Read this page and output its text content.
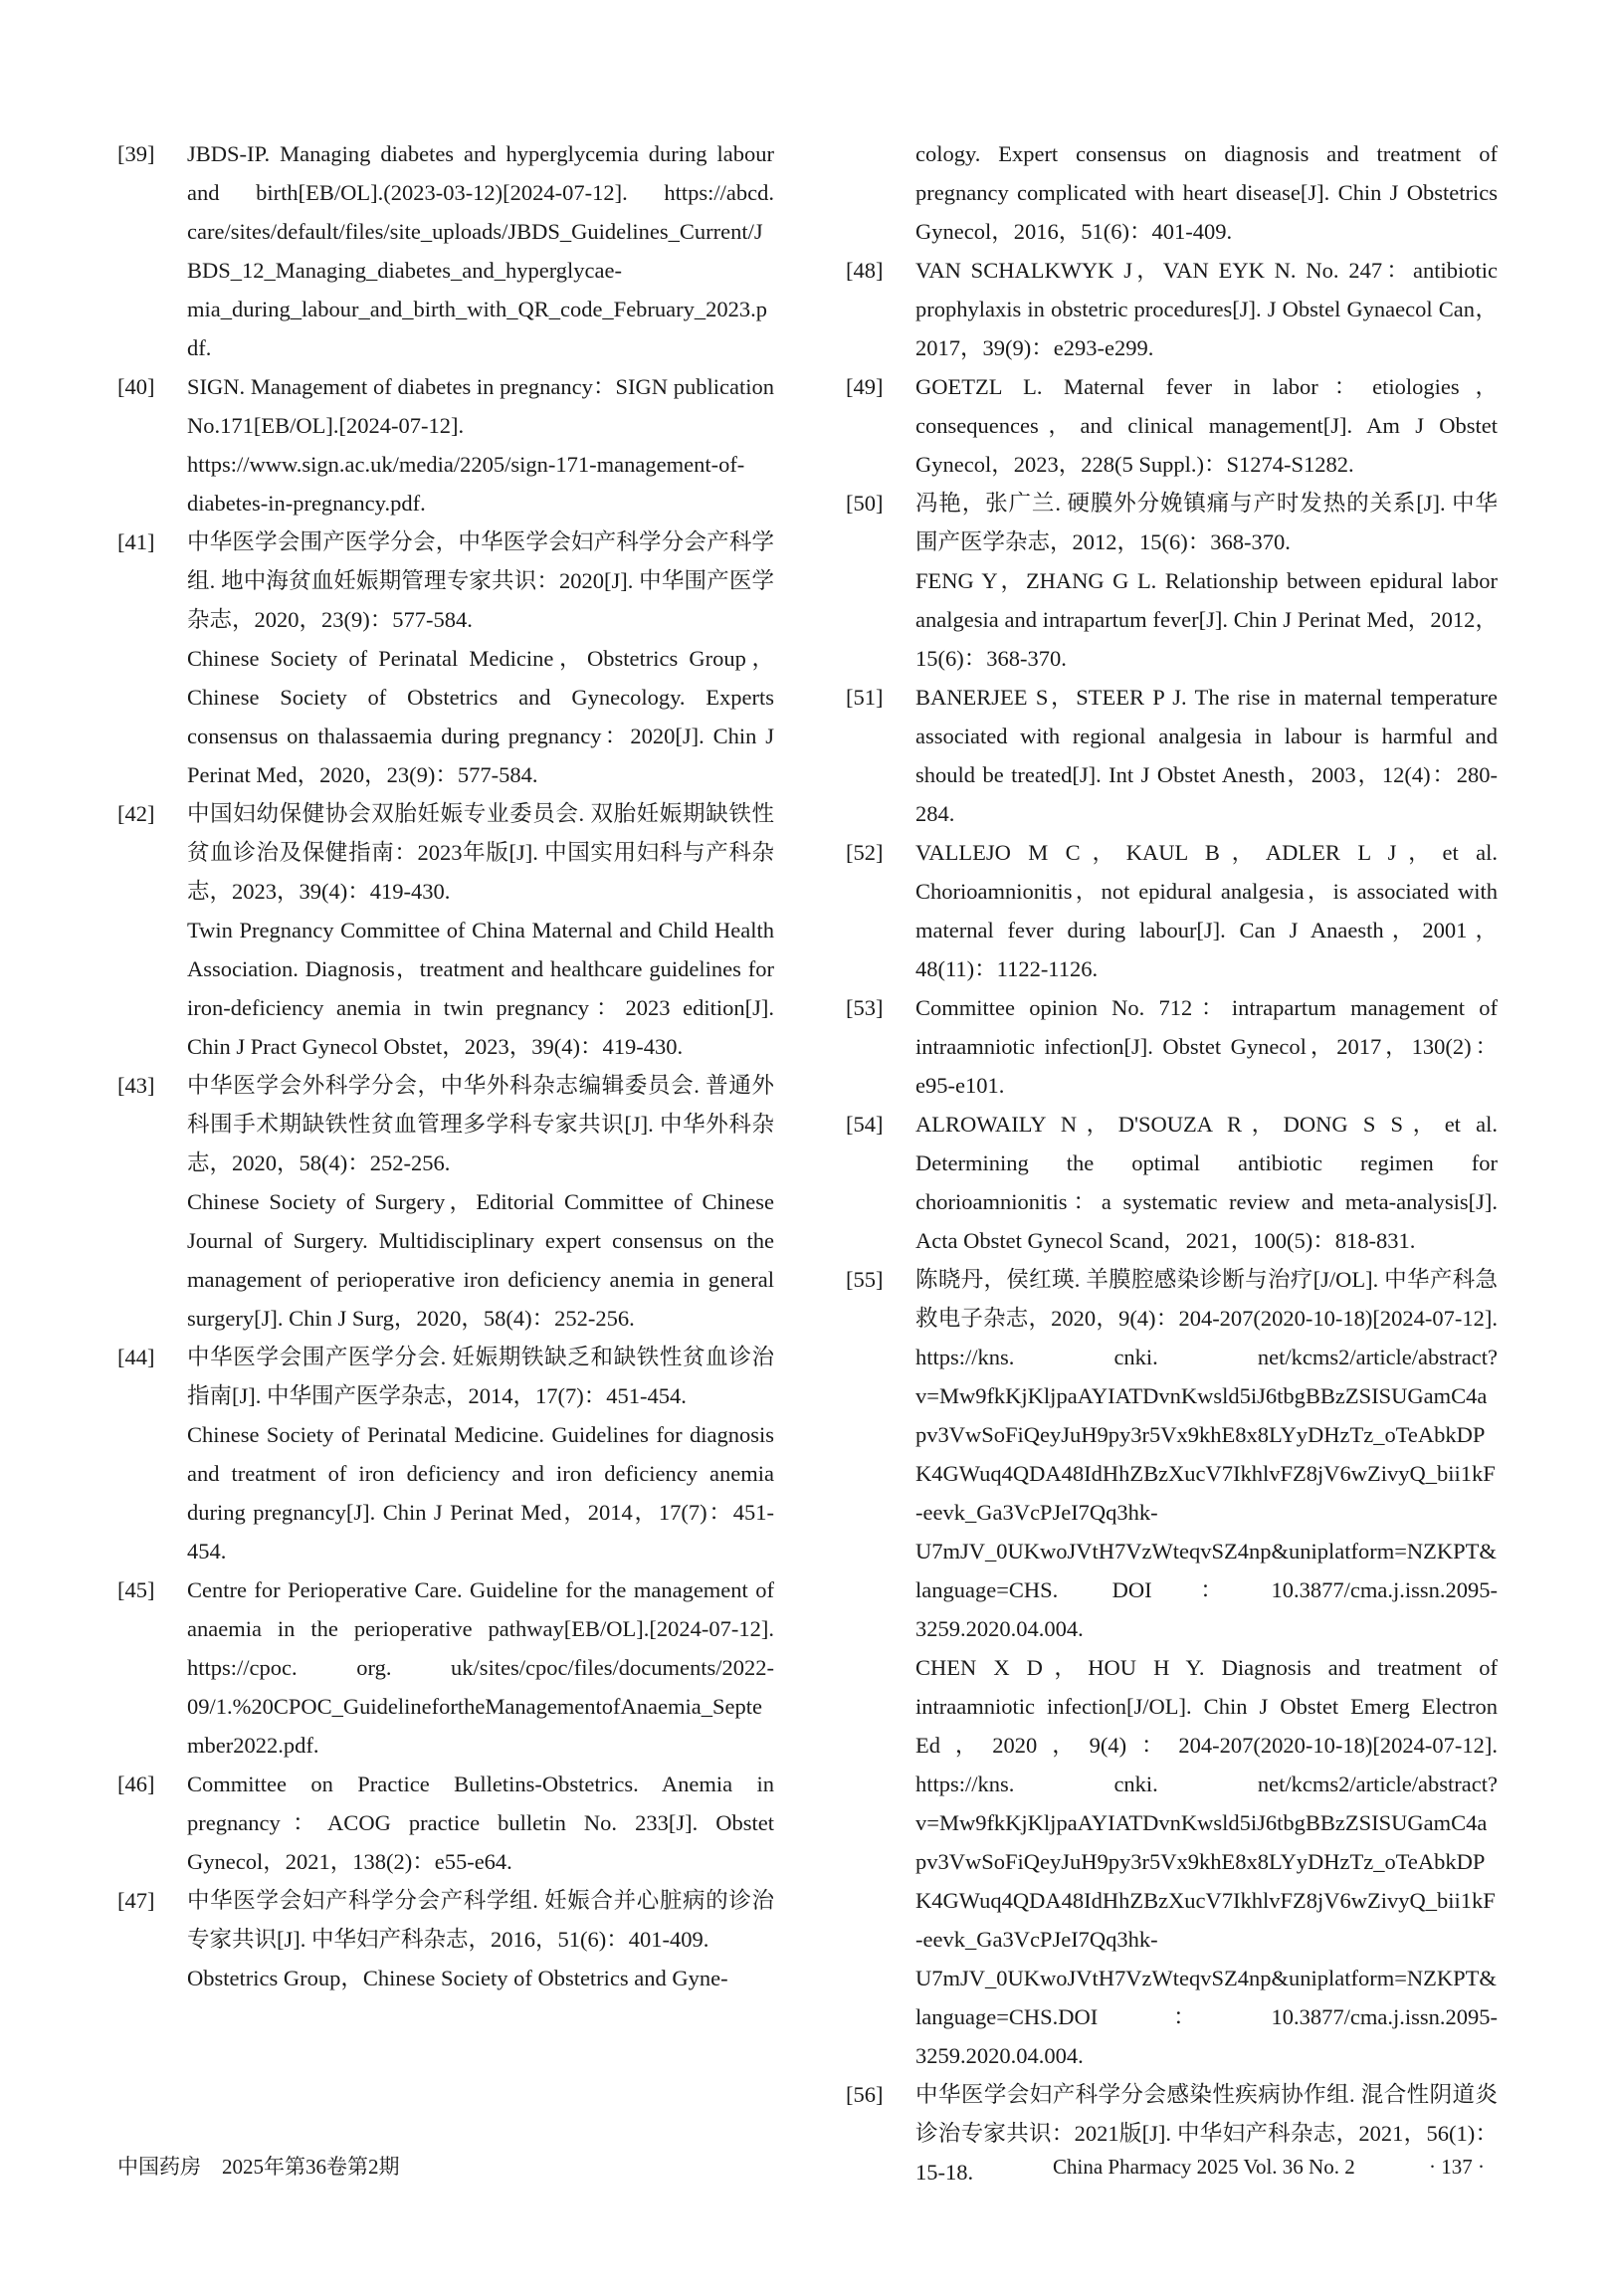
[39]	JBDS-IP. Managing diabetes and hyperglycemia during labour and birth[EB/OL].(2023-03-12)[2024-07-12]. https://abcd. care/sites/default/files/site_uploads/JBDS_Guidelines_Current/JBDS_12_Managing_diabetes_and_hyperglycae-mia_during_labour_and_birth_with_QR_code_February_2023.pdf.
[40]	SIGN. Management of diabetes in pregnancy：SIGN publication No.171[EB/OL].[2024-07-12]. https://www.sign.ac.uk/media/2205/sign-171-management-of-diabetes-in-pregnancy.pdf.
[41]	中华医学会围产医学分会，中华医学会妇产科学分会产科学组. 地中海贫血妊娠期管理专家共识：2020[J]. 中华围产医学杂志，2020，23(9)：577-584.
Chinese Society of Perinatal Medicine，Obstetrics Group，Chinese Society of Obstetrics and Gynecology. Experts consensus on thalassaemia during pregnancy：2020[J]. Chin J Perinat Med，2020，23(9)：577-584.
[42]	中国妇幼保健协会双胎妊娠专业委员会. 双胎妊娠期缺铁性贫血诊治及保健指南：2023年版[J]. 中国实用妇科与产科杂志，2023，39(4)：419-430.
Twin Pregnancy Committee of China Maternal and Child Health Association. Diagnosis，treatment and healthcare guidelines for iron-deficiency anemia in twin pregnancy：2023 edition[J]. Chin J Pract Gynecol Obstet，2023，39(4)：419-430.
[43]	中华医学会外科学分会，中华外科杂志编辑委员会. 普通外科围手术期缺铁性贫血管理多学科专家共识[J]. 中华外科杂志，2020，58(4)：252-256.
Chinese Society of Surgery，Editorial Committee of Chinese Journal of Surgery. Multidisciplinary expert consensus on the management of perioperative iron deficiency anemia in general surgery[J]. Chin J Surg，2020，58(4)：252-256.
[44]	中华医学会围产医学分会. 妊娠期铁缺乏和缺铁性贫血诊治指南[J]. 中华围产医学杂志，2014，17(7)：451-454.
Chinese Society of Perinatal Medicine. Guidelines for diagnosis and treatment of iron deficiency and iron deficiency anemia during pregnancy[J]. Chin J Perinat Med，2014，17(7)：451-454.
[45]	Centre for Perioperative Care. Guideline for the management of anaemia in the perioperative pathway[EB/OL].[2024-07-12]. https://cpoc. org. uk/sites/cpoc/files/documents/2022-09/1.%20CPOC_GuidelinefortheManagementofAnaemia_September2022.pdf.
[46]	Committee on Practice Bulletins-Obstetrics. Anemia in pregnancy：ACOG practice bulletin No. 233[J]. Obstet Gynecol，2021，138(2)：e55-e64.
[47]	中华医学会妇产科学分会产科学组. 妊娠合并心脏病的诊治专家共识[J]. 中华妇产科杂志，2016，51(6)：401-409.
Obstetrics Group，Chinese Society of Obstetrics and Gyne-
cology. Expert consensus on diagnosis and treatment of pregnancy complicated with heart disease[J]. Chin J Obstetrics Gynecol，2016，51(6)：401-409.
[48]	VAN SCHALKWYK J，VAN EYK N. No. 247：antibiotic prophylaxis in obstetric procedures[J]. J Obstel Gynaecol Can，2017，39(9)：e293-e299.
[49]	GOETZL L. Maternal fever in labor：etiologies，consequences，and clinical management[J]. Am J Obstet Gynecol，2023，228(5 Suppl.)：S1274-S1282.
[50]	冯艳，张广兰. 硬膜外分娩镇痛与产时发热的关系[J]. 中华围产医学杂志，2012，15(6)：368-370.
FENG Y，ZHANG G L. Relationship between epidural labor analgesia and intrapartum fever[J]. Chin J Perinat Med，2012，15(6)：368-370.
[51]	BANERJEE S，STEER P J. The rise in maternal temperature associated with regional analgesia in labour is harmful and should be treated[J]. Int J Obstet Anesth，2003，12(4)：280-284.
[52]	VALLEJO M C，KAUL B，ADLER L J，et al. Chorioamnionitis，not epidural analgesia，is associated with maternal fever during labour[J]. Can J Anaesth，2001，48(11)：1122-1126.
[53]	Committee opinion No. 712：intrapartum management of intraamniotic infection[J]. Obstet Gynecol，2017，130(2)：e95-e101.
[54]	ALROWAILY N，D'SOUZA R，DONG S S，et al. Determining the optimal antibiotic regimen for chorioamnionitis：a systematic review and meta-analysis[J]. Acta Obstet Gynecol Scand，2021，100(5)：818-831.
[55]	陈晓丹，侯红瑛. 羊膜腔感染诊断与治疗[J/OL]. 中华产科急救电子杂志，2020，9(4)：204-207(2020-10-18)[2024-07-12]. https://kns. cnki. net/kcms2/article/abstract?v=Mw9fkKjKljpaAYIATDvnKwsld5iJ6tbgBBzZSISUGamC4apv3VwSoFiQeyJuH9py3r5Vx9khE8x8LYyDHzTz_oTeAbkDPK4GWuq4QDA48IdHhZBzXucV7IkhlvFZ8jV6wZivyQ_bii1kF-eevk_Ga3VcPJeI7Qq3hk-U7mJV_0UKwoJVtH7VzWteqvSZ4np&uniplatform=NZKPT&language=CHS. DOI：10.3877/cma.j.issn.2095-3259.2020.04.004.
CHEN X D，HOU H Y. Diagnosis and treatment of intraamniotic infection[J/OL]. Chin J Obstet Emerg Electron Ed，2020，9(4)：204-207(2020-10-18)[2024-07-12]. https://kns. cnki. net/kcms2/article/abstract? v=Mw9fkKjKljpaAYIATDvnKwsld5iJ6tbgBBzZSISUGamC4apv3VwSoFiQeyJuH9py3r5Vx9khE8x8LYyDHzTz_oTeAbkDPK4GWuq4QDA48IdHhZBzXucV7IkhlvFZ8jV6wZivyQ_bii1kF-eevk_Ga3VcPJeI7Qq3hk-U7mJV_0UKwoJVtH7VzWteqvSZ4np&uniplatform=NZKPT&language=CHS.DOI：10.3877/cma.j.issn.2095-3259.2020.04.004.
[56]	中华医学会妇产科学分会感染性疾病协作组. 混合性阴道炎诊治专家共识：2021版[J]. 中华妇产科杂志，2021，56(1)：15-18.
中国药房　2025年第36卷第2期	China Pharmacy 2025 Vol. 36 No. 2	· 137 ·
